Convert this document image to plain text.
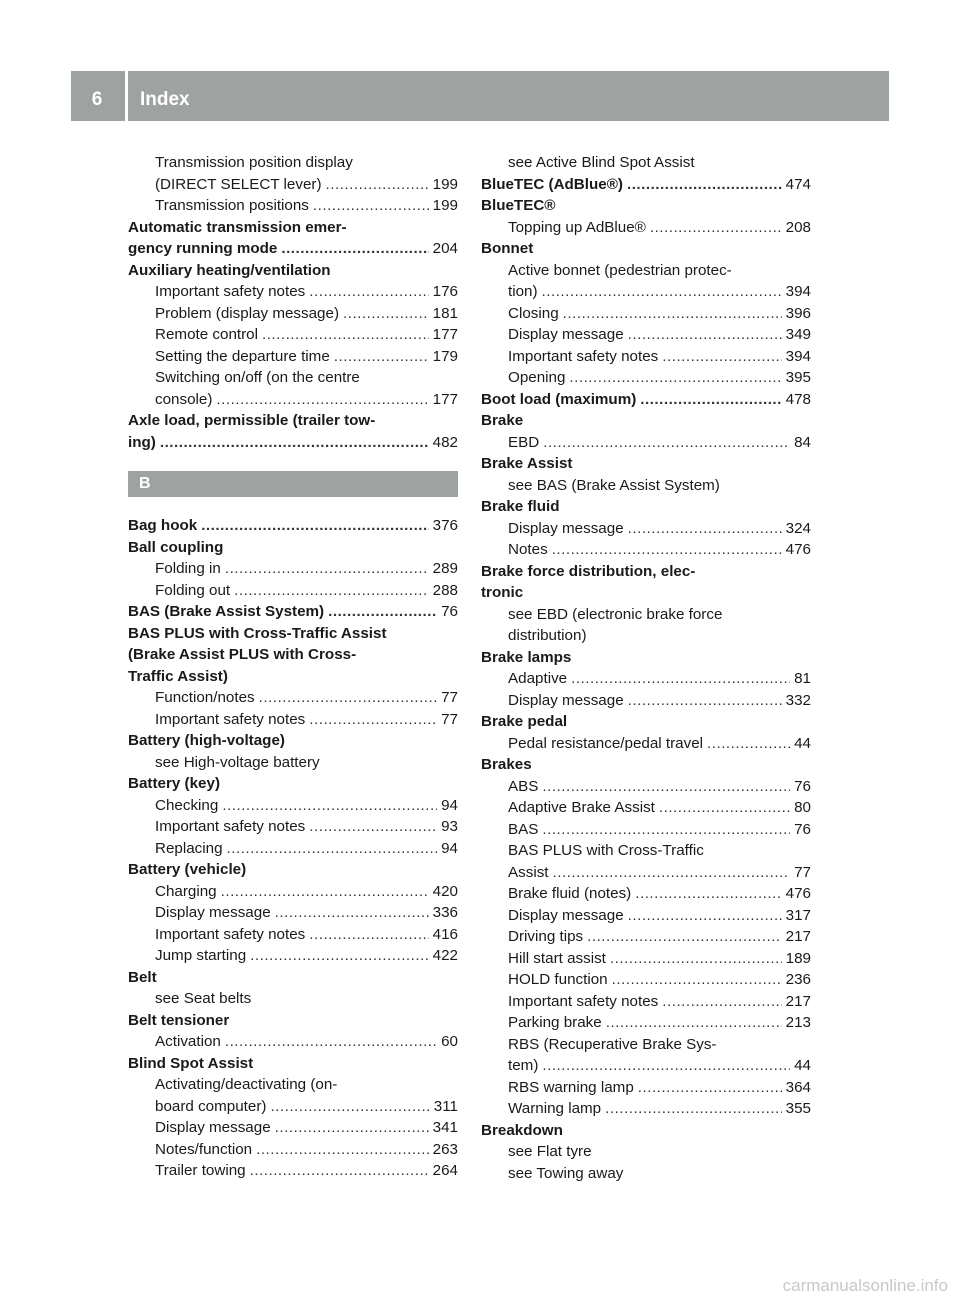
6	Index
Transmission position display
(DIRECT SELECT lever) .....	199
Transmission positions .....	199
Automatic transmission emer-
gency running mode .....	204
Auxiliary heating/ventilation
Important safety notes .....	176
Problem (display message) .....	181
Remote control .....	177
Setting the departure time .....	179
Switching on/off (on the centre
console) .....	177
Axle load, permissible (trailer tow-
ing) .....	482
B
Bag hook .....	376
Ball coupling
Folding in .....	289
Folding out .....	288
BAS (Brake Assist System) .....	76
BAS PLUS with Cross-Traffic Assist
(Brake Assist PLUS with Cross-
Traffic Assist)
Function/notes .....	77
Important safety notes .....	77
Battery (high-voltage)
see High-voltage battery
Battery (key)
Checking .....	94
Important safety notes .....	93
Replacing .....	94
Battery (vehicle)
Charging .....	420
Display message .....	336
Important safety notes .....	416
Jump starting .....	422
Belt
see Seat belts
Belt tensioner
Activation .....	60
Blind Spot Assist
Activating/deactivating (on-
board computer) .....	311
Display message .....	341
Notes/function .....	263
Trailer towing .....	264
see Active Blind Spot Assist
BlueTEC (AdBlue®) .....	474
BlueTEC®
Topping up AdBlue® .....	208
Bonnet
Active bonnet (pedestrian protec-
tion) .....	394
Closing .....	396
Display message .....	349
Important safety notes .....	394
Opening .....	395
Boot load (maximum) .....	478
Brake
EBD .....	84
Brake Assist
see BAS (Brake Assist System)
Brake fluid
Display message .....	324
Notes .....	476
Brake force distribution, elec-
tronic
see EBD (electronic brake force
distribution)
Brake lamps
Adaptive .....	81
Display message .....	332
Brake pedal
Pedal resistance/pedal travel .....	44
Brakes
ABS .....	76
Adaptive Brake Assist .....	80
BAS .....	76
BAS PLUS with Cross-Traffic
Assist .....	77
Brake fluid (notes) .....	476
Display message .....	317
Driving tips .....	217
Hill start assist .....	189
HOLD function .....	236
Important safety notes .....	217
Parking brake .....	213
RBS (Recuperative Brake Sys-
tem) .....	44
RBS warning lamp .....	364
Warning lamp .....	355
Breakdown
see Flat tyre
see Towing away
carmanualsonline.info
